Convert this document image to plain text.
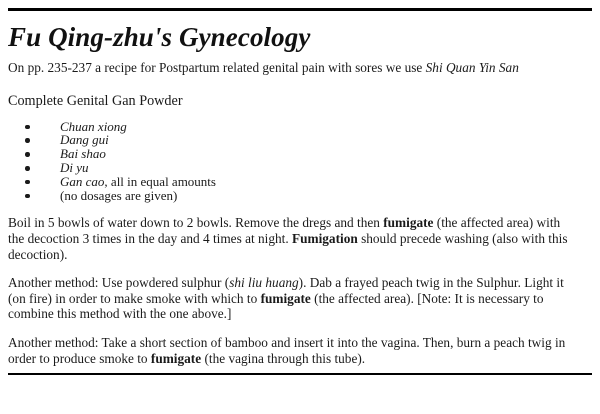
Fu Qing-zhu's Gynecology

On pp. 235-237 a recipe for Postpartum related genital pain with sores we use Shi Quan Yin San

Complete Genital Gan Powder
Chuan xiong
Dang gui
Bai shao
Di yu
Gan cao, all in equal amounts
(no dosages are given)

Boil in 5 bowls of water down to 2 bowls. Remove the dregs and then fumigate (the affected area) with the decoction 3 times in the day and 4 times at night. Fumigation should precede washing (also with this decoction).

Another method: Use powdered sulphur (shi liu huang). Dab a frayed peach twig in the Sulphur. Light it (on fire) in order to make smoke with which to fumigate (the affected area). [Note: It is necessary to combine this method with the one above.]

Another method: Take a short section of bamboo and insert it into the vagina. Then, burn a peach twig in order to produce smoke to fumigate (the vagina through this tube).
